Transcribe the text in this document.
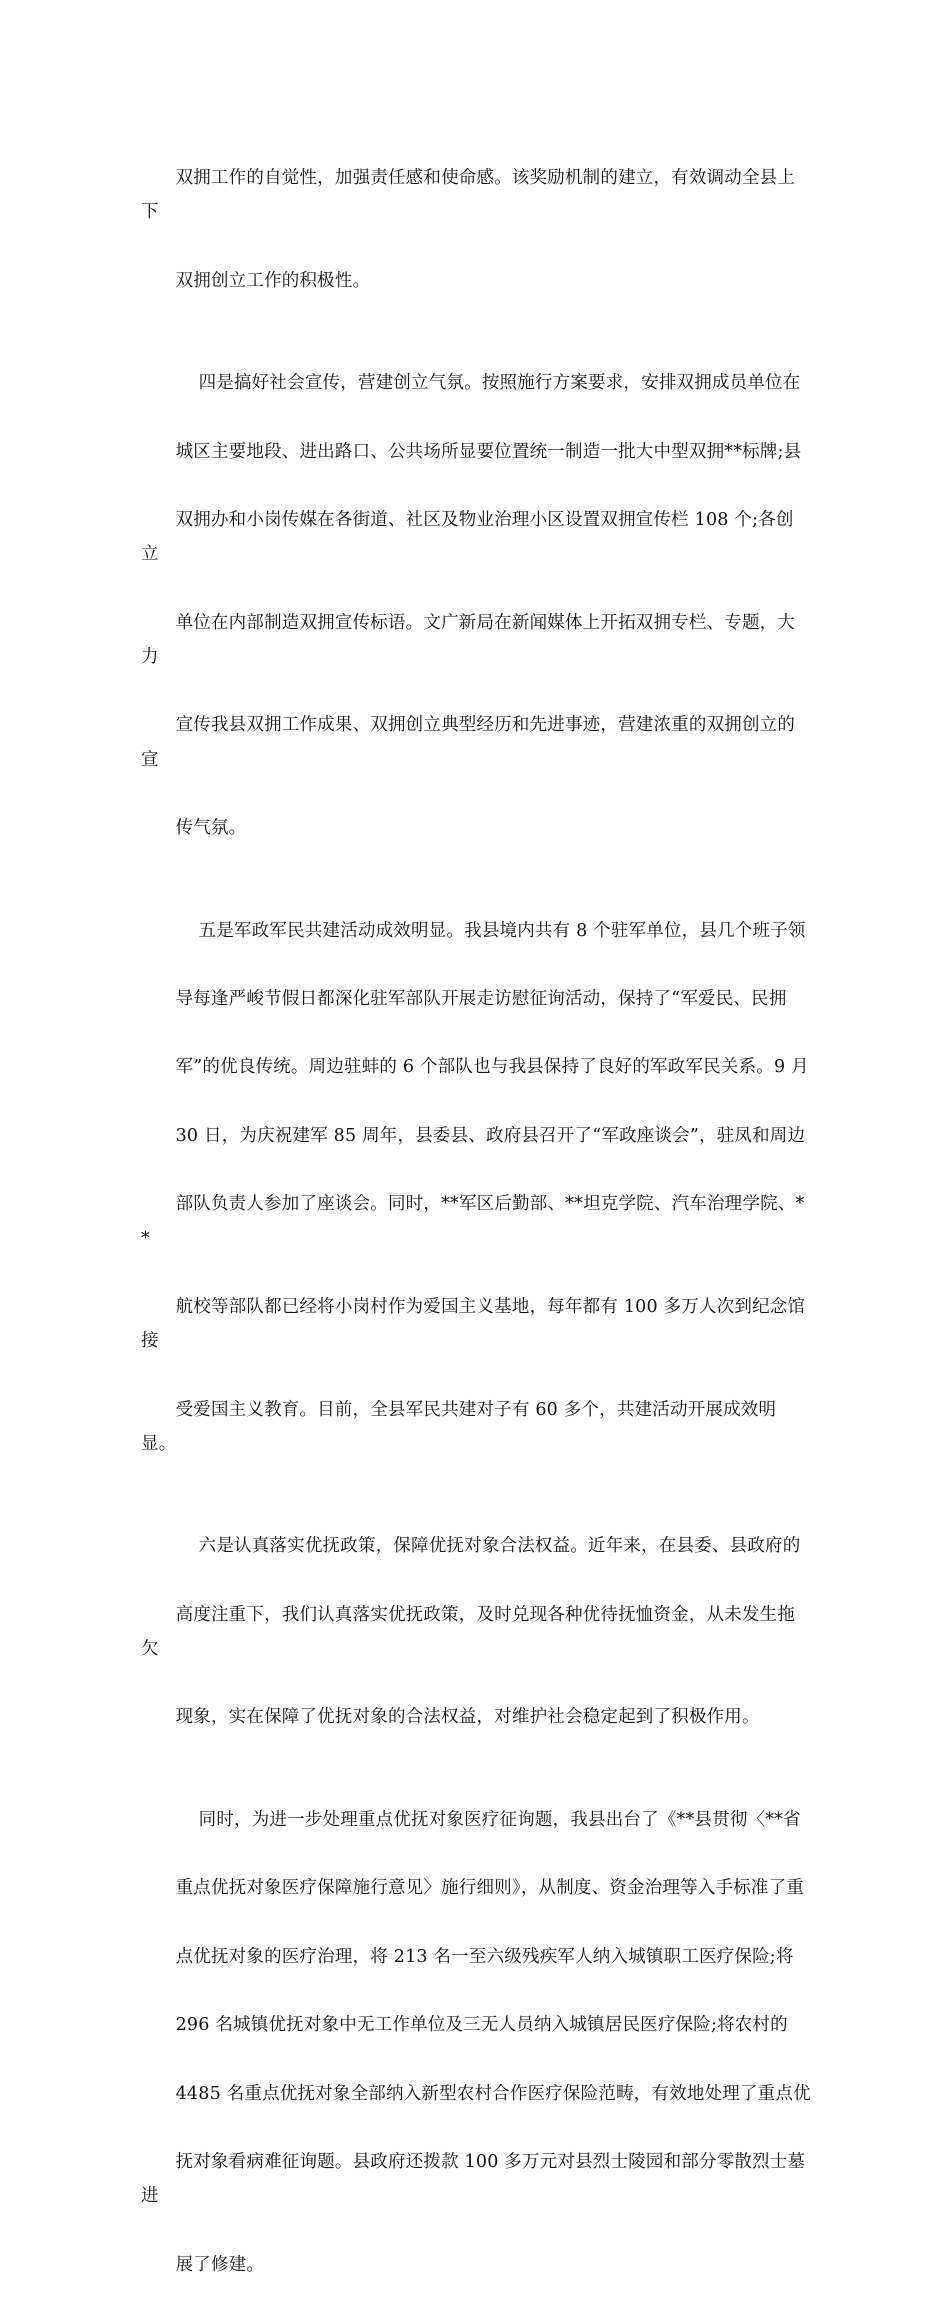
双拥工作的自觉性，加强责任感和使命感。该奖励机制的建立，有效调动全县上下

双拥创立工作的积极性。

四是搞好社会宣传，营建创立气氛。按照施行方案要求，安排双拥成员单位在

城区主要地段、进出路口、公共场所显要位置统一制造一批大中型双拥**标牌;县

双拥办和小岗传媒在各街道、社区及物业治理小区设置双拥宣传栏 108 个;各创立

单位在内部制造双拥宣传标语。文广新局在新闻媒体上开拓双拥专栏、专题，大力

宣传我县双拥工作成果、双拥创立典型经历和先进事迹，营建浓重的双拥创立的宣

传气氛。

五是军政军民共建活动成效明显。我县境内共有 8 个驻军单位，县几个班子领

导每逢严峻节假日都深化驻军部队开展走访慰征询活动，保持了“军爱民、民拥

军”的优良传统。周边驻蚌的 6 个部队也与我县保持了良好的军政军民关系。9 月

30 日，为庆祝建军 85 周年，县委县、政府县召开了“军政座谈会”，驻凤和周边

部队负责人参加了座谈会。同时，**军区后勤部、**坦克学院、汽车治理学院、**

航校等部队都已经将小岗村作为爱国主义基地，每年都有 100 多万人次到纪念馆接

受爱国主义教育。目前，全县军民共建对子有 60 多个，共建活动开展成效明显。

六是认真落实优抚政策，保障优抚对象合法权益。近年来，在县委、县政府的

高度注重下，我们认真落实优抚政策，及时兑现各种优待抚恤资金，从未发生拖欠

现象，实在保障了优抚对象的合法权益，对维护社会稳定起到了积极作用。

同时，为进一步处理重点优抚对象医疗征询题，我县出台了《**县贯彻〈**省

重点优抚对象医疗保障施行意见〉施行细则》，从制度、资金治理等入手标准了重

点优抚对象的医疗治理，将 213 名一至六级残疾军人纳入城镇职工医疗保险;将

296 名城镇优抚对象中无工作单位及三无人员纳入城镇居民医疗保险;将农村的

4485 名重点优抚对象全部纳入新型农村合作医疗保险范畴，有效地处理了重点优

抚对象看病难征询题。县政府还拨款 100 多万元对县烈士陵园和部分零散烈士墓进

展了修建。
